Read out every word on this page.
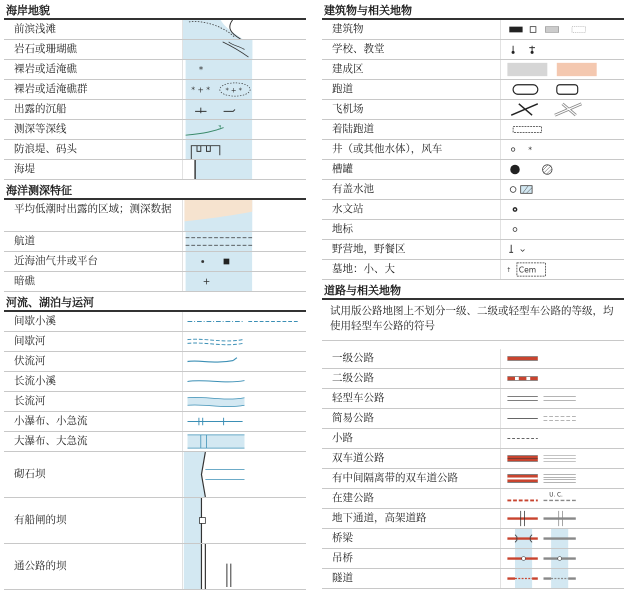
海岸地貌
前滨浅滩
岩石或珊瑚礁
裸岩或适淹礁	*
裸岩或适淹礁群	* + * * + *
出露的沉船
测深等深线	3
防浪堤、码头
海堤
海洋测深特征
平均低潮时出露的区域；测深数据
航道
近海油气井或平台
暗礁
河流、湖泊与运河
间歇小溪
间歇河
伏流河
长流小溪
长流河
小瀑布、小急流
大瀑布、大急流
砌石坝
有船闸的坝
通公路的坝
建筑物与相关地物
建筑物
学校、教堂
建成区
跑道
飞机场
着陆跑道
井（或其他水体），风车	*
槽罐
有盖水池
水文站
地标
野营地，野餐区
墓地：小、大	† Cem
道路与相关地物
试用版公路地图上不划分一级、二级或轻型车公路的等级，均使用轻型车公路的符号
一级公路
二级公路
轻型车公路
简易公路
小路
双车道公路
有中间隔离带的双车道公路
在建公路	U. C.
地下通道，高架道路
桥梁
吊桥
隧道
